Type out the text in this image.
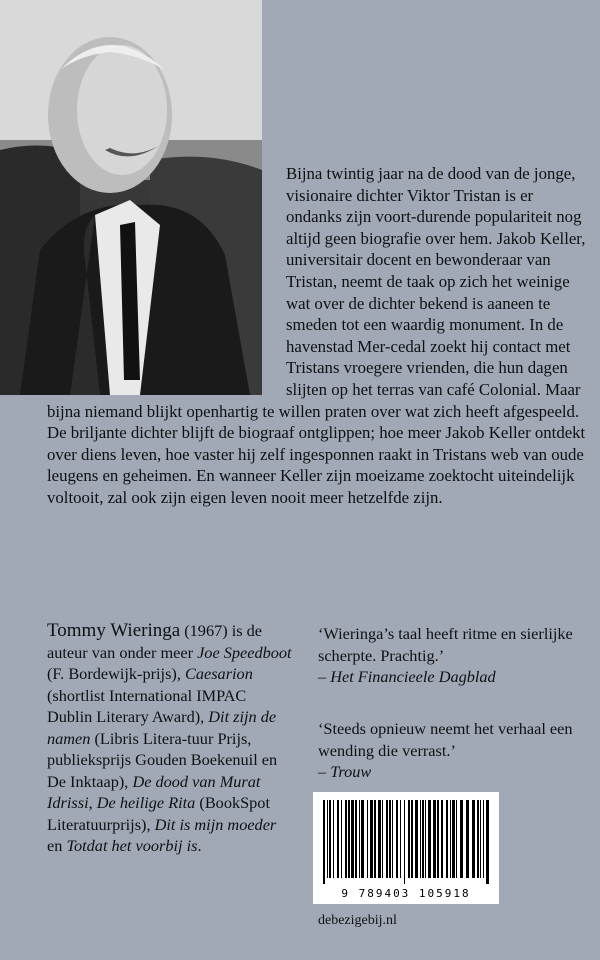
Bijna twintig jaar na de dood van de jonge, visionaire dichter Viktor Tristan is er ondanks zijn voort-durende populariteit nog altijd geen biografie over hem. Jakob Keller, universitair docent en bewonderaar van Tristan, neemt de taak op zich het weinige wat over de dichter bekend is aaneen te smeden tot een waardig monument. In de havenstad Mer-cedal zoekt hij contact met Tristans vroegere vrienden, die hun dagen slijten op het terras van café Colonial. Maar bijna niemand blijkt openhartig te willen praten over wat zich heeft afgespeeld. De briljante dichter blijft de biograaf ontglippen; hoe meer Jakob Keller ontdekt over diens leven, hoe vaster hij zelf ingesponnen raakt in Tristans web van oude leugens en geheimen. En wanneer Keller zijn moeizame zoektocht uiteindelijk voltooit, zal ook zijn eigen leven nooit meer hetzelfde zijn.

Tommy Wieringa (1967) is de auteur van onder meer Joe Speedboot (F. Bordewijk-prijs), Caesarion (shortlist International IMPAC Dublin Literary Award), Dit zijn de namen (Libris Litera-tuur Prijs, publieksprijs Gouden Boekenuil en De Inktaap), De dood van Murat Idrissi, De heilige Rita (BookSpot Literatuurprijs), Dit is mijn moeder en Totdat het voorbij is.

‘Wieringa’s taal heeft ritme en sierlijke scherpte. Prachtig.’
– Het Financieele Dagblad
‘Steeds opnieuw neemt het verhaal een wending die verrast.’
– Trouw
9 789403 105918
debezigebij.nl
